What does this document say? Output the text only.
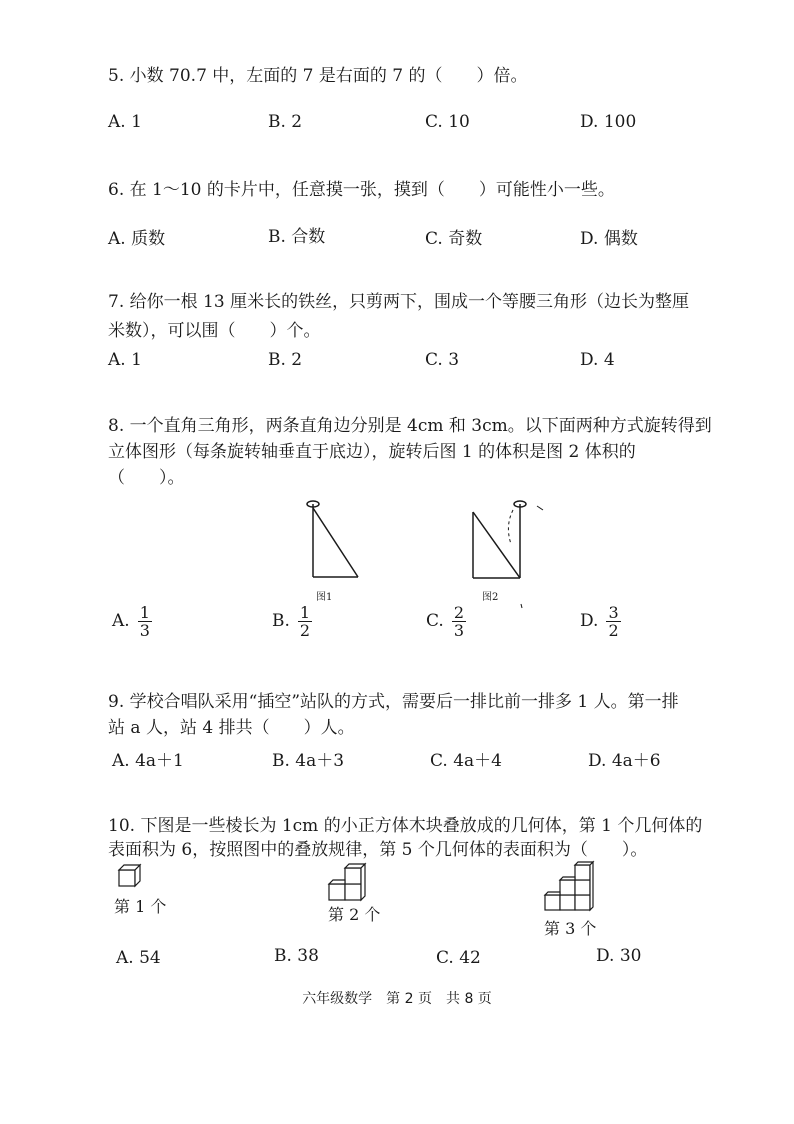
5. 小数 70.7 中，左面的 7 是右面的 7 的（　　）倍。
A. 1	B. 2	C. 10	D. 100
6. 在 1～10 的卡片中，任意摸一张，摸到（　　）可能性小一些。
A. 质数	B. 合数	C. 奇数	D. 偶数
7. 给你一根 13 厘米长的铁丝，只剪两下，围成一个等腰三角形（边长为整厘
米数），可以围（　　）个。
A. 1	B. 2	C. 3	D. 4
8. 一个直角三角形，两条直角边分别是 4cm 和 3cm。以下面两种方式旋转得到
立体图形（每条旋转轴垂直于底边），旋转后图 1 的体积是图 2 体积的
（　　）。
图1	图2
A. $\frac{1}{3}$	B. $\frac{1}{2}$	C. $\frac{2}{3}$	D. $\frac{3}{2}$
9. 学校合唱队采用“插空”站队的方式，需要后一排比前一排多 1 人。第一排
站 a 人，站 4 排共（　　）人。
A. 4a＋1	B. 4a＋3	C. 4a＋4	D. 4a＋6
10. 下图是一些棱长为 1cm 的小正方体木块叠放成的几何体，第 1 个几何体的
表面积为 6，按照图中的叠放规律，第 5 个几何体的表面积为（　　）。
第 1 个	第 2 个
第 3 个
A. 54	B. 38	C. 42	D. 30
六年级数学　第 2 页　共 8 页
